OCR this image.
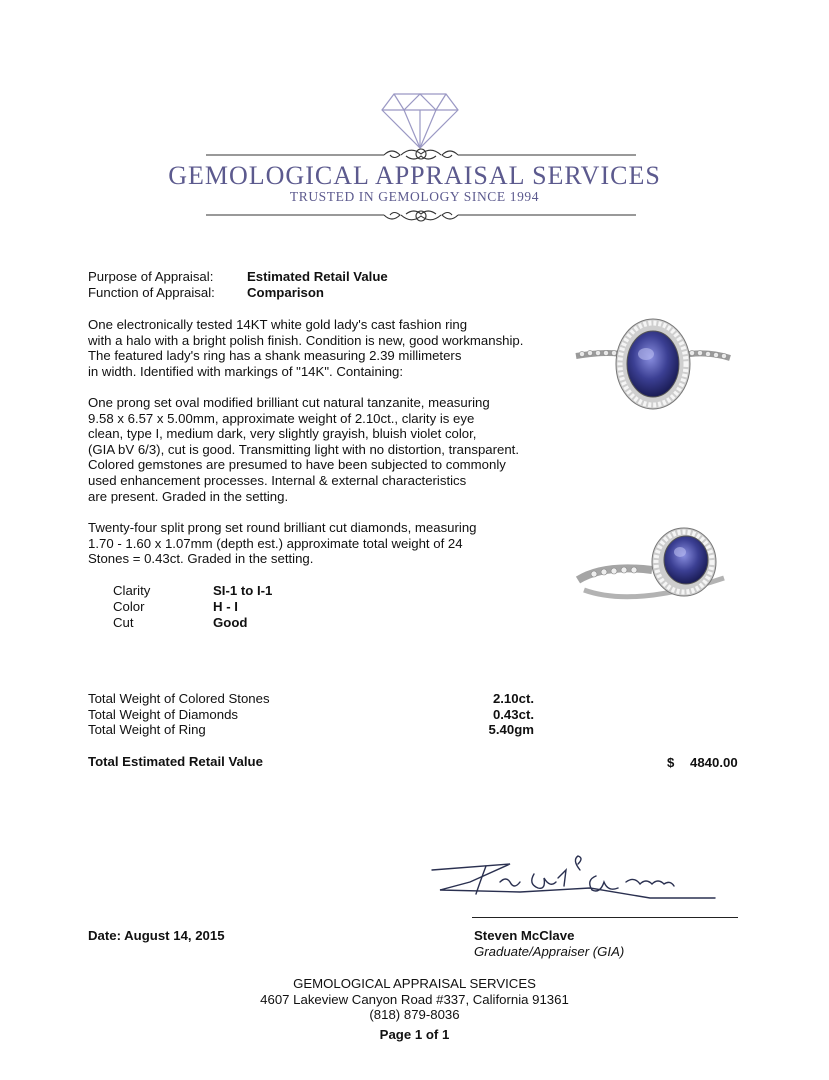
GEMOLOGICAL APPRAISAL SERVICES
TRUSTED IN GEMOLOGY SINCE 1994
Purpose of Appraisal:	Estimated Retail Value
Function of Appraisal: Comparison
One electronically tested 14KT white gold lady's cast fashion ring
with a halo with a bright polish finish. Condition is new, good workmanship.
The featured lady's ring has a shank measuring 2.39 millimeters
in width. Identified with markings of "14K". Containing:
One prong set oval modified brilliant cut natural tanzanite, measuring
9.58 x 6.57 x 5.00mm, approximate weight of 2.10ct., clarity is eye
clean, type I, medium dark, very slightly grayish, bluish violet color,
(GIA bV 6/3), cut is good. Transmitting light with no distortion, transparent.
Colored gemstones are presumed to have been subjected to commonly
used enhancement processes. Internal & external characteristics
are present. Graded in the setting.
Twenty-four split prong set round brilliant cut diamonds, measuring
1.70 - 1.60 x 1.07mm (depth est.) approximate total weight of 24
Stones = 0.43ct. Graded in the setting.
Clarity	SI-1 to I-1
Color	H - I
Cut	Good
Total Weight of Colored Stones	2.10ct.
Total Weight of Diamonds	0.43ct.
Total Weight of Ring	5.40gm
Total Estimated Retail Value	$ 4840.00
Date: August 14, 2015	Steven McClave
Graduate/Appraiser (GIA)
GEMOLOGICAL APPRAISAL SERVICES
4607 Lakeview Canyon Road #337, California 91361
(818) 879-8036
Page 1 of 1
